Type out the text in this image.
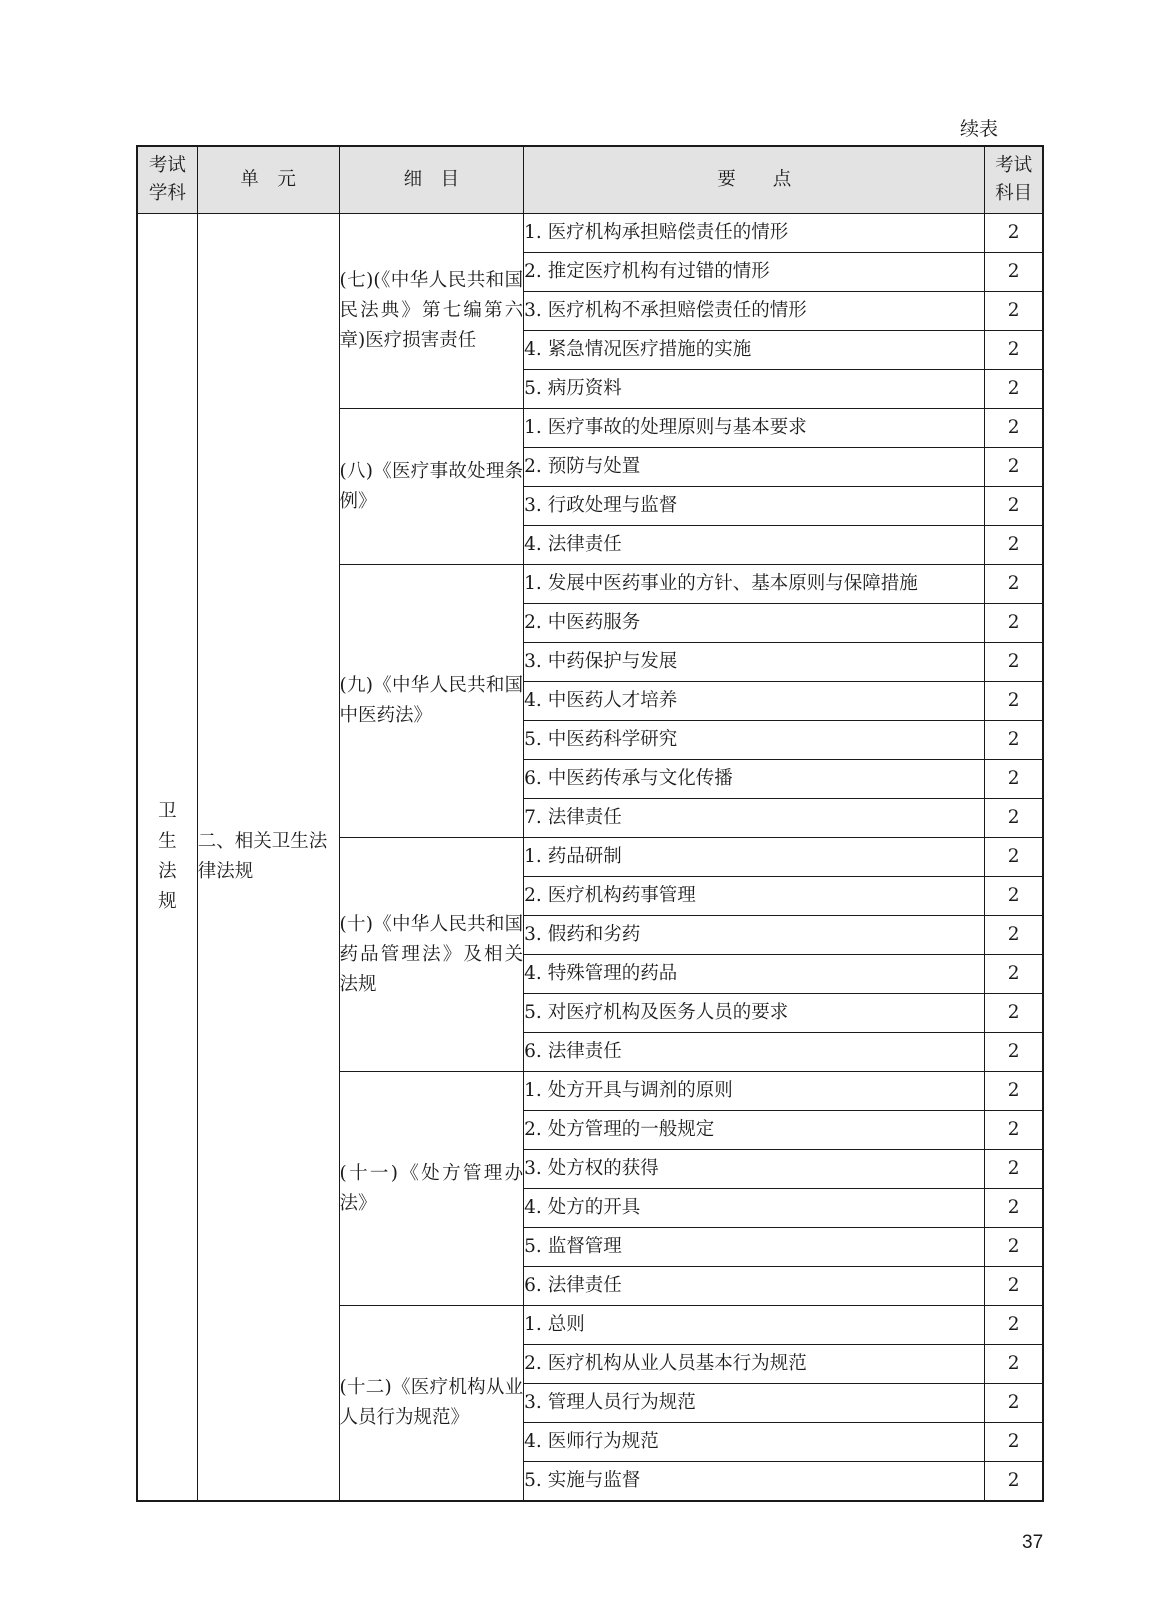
续表
考试学科	单　元	细　目	要　　点	考试科目
卫生法规	二、相关卫生法律法规	(七)(《中华人民共和国民法典》第七编第六章)医疗损害责任	1. 医疗机构承担赔偿责任的情形	2
			2. 推定医疗机构有过错的情形	2
			3. 医疗机构不承担赔偿责任的情形	2
			4. 紧急情况医疗措施的实施	2
			5. 病历资料	2
		(八)《医疗事故处理条例》	1. 医疗事故的处理原则与基本要求	2
			2. 预防与处置	2
			3. 行政处理与监督	2
			4. 法律责任	2
		(九)《中华人民共和国中医药法》	1. 发展中医药事业的方针、基本原则与保障措施	2
			2. 中医药服务	2
			3. 中药保护与发展	2
			4. 中医药人才培养	2
			5. 中医药科学研究	2
			6. 中医药传承与文化传播	2
			7. 法律责任	2
		(十)《中华人民共和国药品管理法》及相关法规	1. 药品研制	2
			2. 医疗机构药事管理	2
			3. 假药和劣药	2
			4. 特殊管理的药品	2
			5. 对医疗机构及医务人员的要求	2
			6. 法律责任	2
		(十一)《处方管理办法》	1. 处方开具与调剂的原则	2
			2. 处方管理的一般规定	2
			3. 处方权的获得	2
			4. 处方的开具	2
			5. 监督管理	2
			6. 法律责任	2
		(十二)《医疗机构从业人员行为规范》	1. 总则	2
			2. 医疗机构从业人员基本行为规范	2
			3. 管理人员行为规范	2
			4. 医师行为规范	2
			5. 实施与监督	2
37
